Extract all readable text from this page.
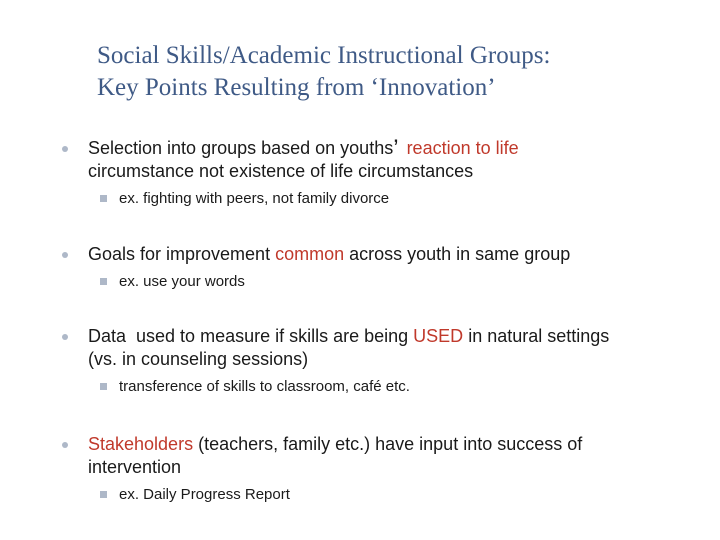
Social Skills/Academic Instructional Groups:
Key Points Resulting from ‘Innovation’
Selection into groups based on youths’ reaction to life
circumstance not existence of life circumstances
ex. fighting with peers, not family divorce
Goals for improvement common across youth in same group
ex. use your words
Data  used to measure if skills are being USED in natural settings
(vs. in counseling sessions)
transference of skills to classroom, café etc.
Stakeholders (teachers, family etc.) have input into success of
intervention
ex. Daily Progress Report
